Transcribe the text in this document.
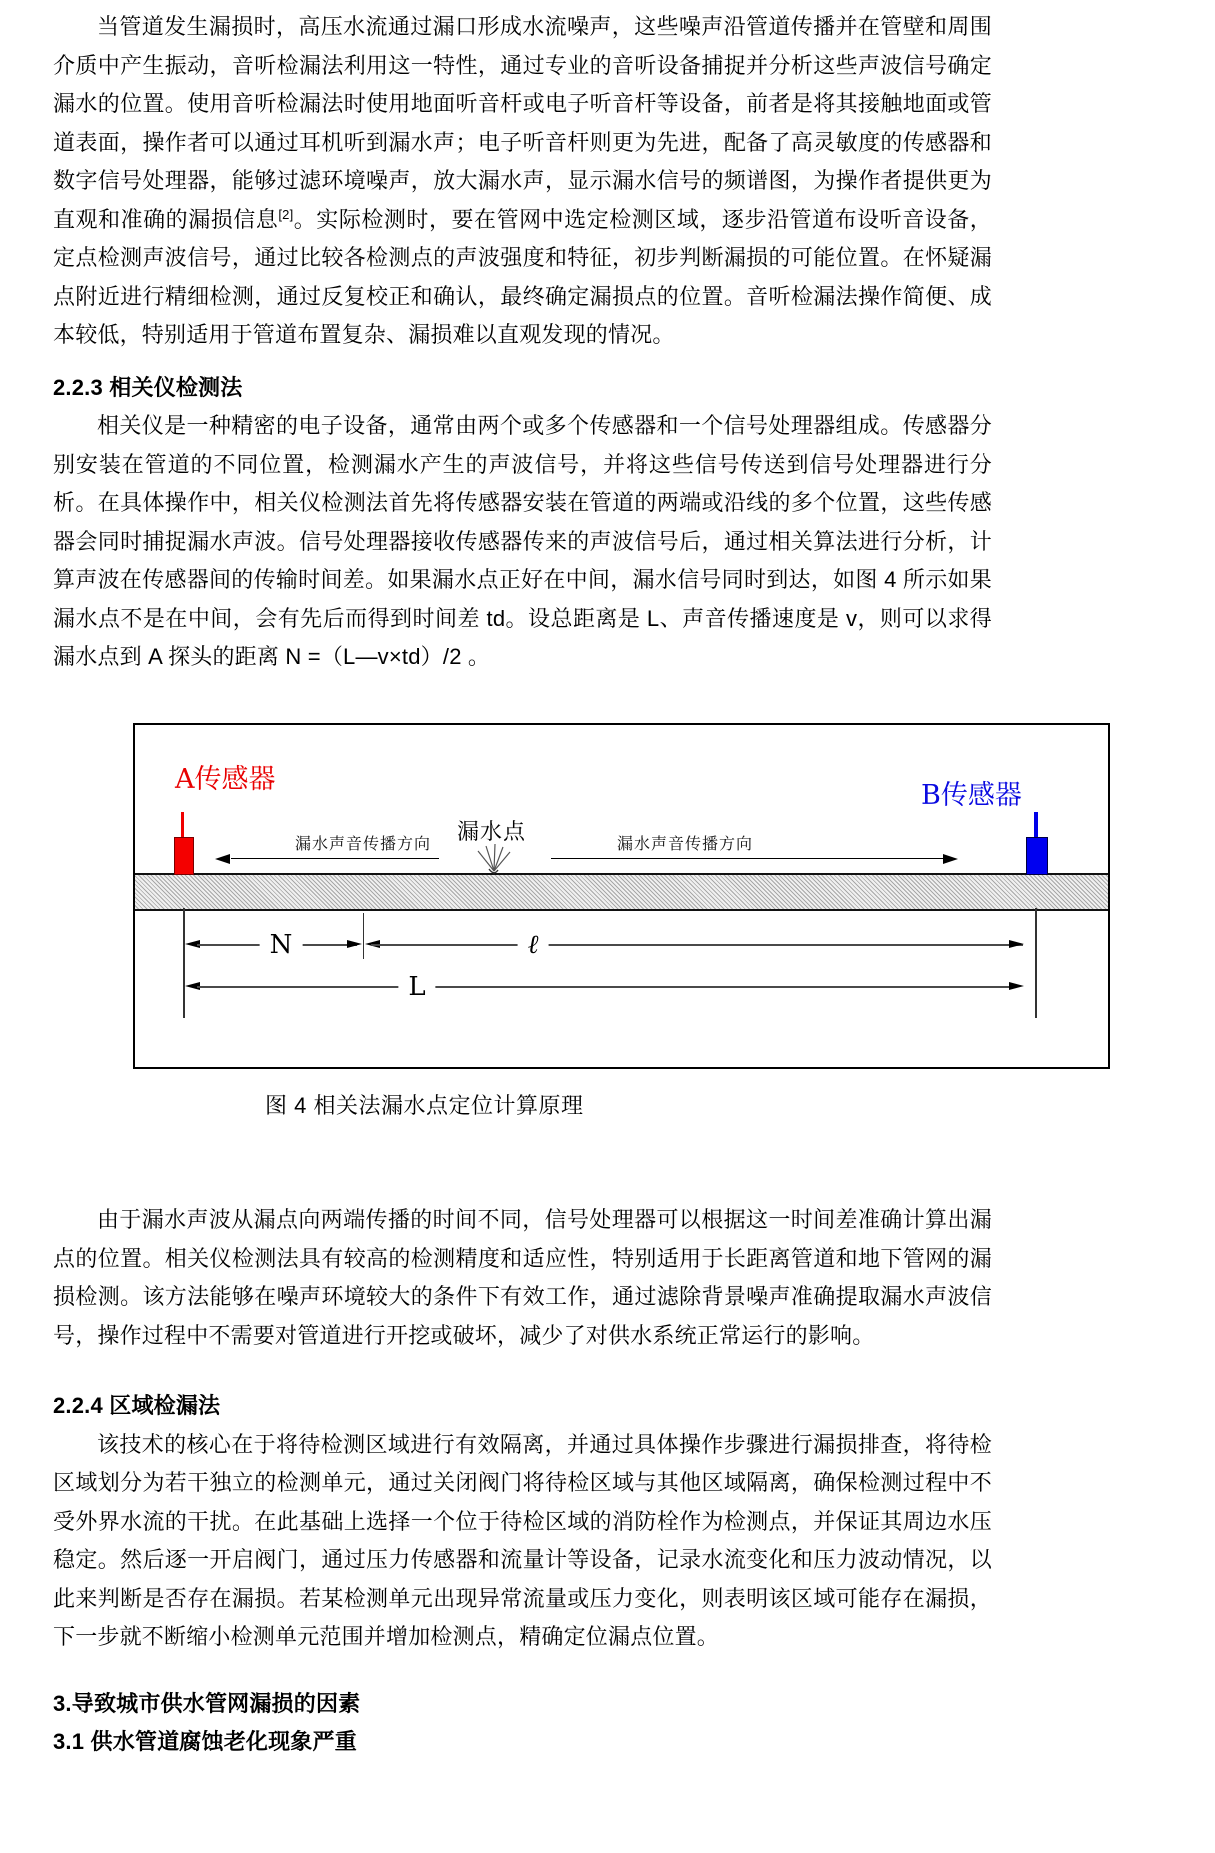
当管道发生漏损时，高压水流通过漏口形成水流噪声，这些噪声沿管道传播并在管壁和周围介质中产生振动，音听检漏法利用这一特性，通过专业的音听设备捕捉并分析这些声波信号确定漏水的位置。使用音听检漏法时使用地面听音杆或电子听音杆等设备，前者是将其接触地面或管道表面，操作者可以通过耳机听到漏水声；电子听音杆则更为先进，配备了高灵敏度的传感器和数字信号处理器，能够过滤环境噪声，放大漏水声，显示漏水信号的频谱图，为操作者提供更为直观和准确的漏损信息[2]。实际检测时，要在管网中选定检测区域，逐步沿管道布设听音设备，定点检测声波信号，通过比较各检测点的声波强度和特征，初步判断漏损的可能位置。在怀疑漏点附近进行精细检测，通过反复校正和确认，最终确定漏损点的位置。音听检漏法操作简便、成本较低，特别适用于管道布置复杂、漏损难以直观发现的情况。

2.2.3 相关仪检测法

相关仪是一种精密的电子设备，通常由两个或多个传感器和一个信号处理器组成。传感器分别安装在管道的不同位置，检测漏水产生的声波信号，并将这些信号传送到信号处理器进行分析。在具体操作中，相关仪检测法首先将传感器安装在管道的两端或沿线的多个位置，这些传感器会同时捕捉漏水声波。信号处理器接收传感器传来的声波信号后，通过相关算法进行分析，计算声波在传感器间的传输时间差。如果漏水点正好在中间，漏水信号同时到达，如图 4 所示如果漏水点不是在中间，会有先后而得到时间差 td。设总距离是 L、声音传播速度是 v，则可以求得漏水点到 A 探头的距离 N =（L—v×td）/2 。

A传感器
B传感器
漏水点
漏水声音传播方向	漏水声音传播方向
N	ℓ
L
图 4 相关法漏水点定位计算原理

由于漏水声波从漏点向两端传播的时间不同，信号处理器可以根据这一时间差准确计算出漏点的位置。相关仪检测法具有较高的检测精度和适应性，特别适用于长距离管道和地下管网的漏损检测。该方法能够在噪声环境较大的条件下有效工作，通过滤除背景噪声准确提取漏水声波信号，操作过程中不需要对管道进行开挖或破坏，减少了对供水系统正常运行的影响。

2.2.4 区域检漏法

该技术的核心在于将待检测区域进行有效隔离，并通过具体操作步骤进行漏损排查，将待检区域划分为若干独立的检测单元，通过关闭阀门将待检区域与其他区域隔离，确保检测过程中不受外界水流的干扰。在此基础上选择一个位于待检区域的消防栓作为检测点，并保证其周边水压稳定。然后逐一开启阀门，通过压力传感器和流量计等设备，记录水流变化和压力波动情况，以此来判断是否存在漏损。若某检测单元出现异常流量或压力变化，则表明该区域可能存在漏损，下一步就不断缩小检测单元范围并增加检测点，精确定位漏点位置。

3.导致城市供水管网漏损的因素

3.1 供水管道腐蚀老化现象严重
